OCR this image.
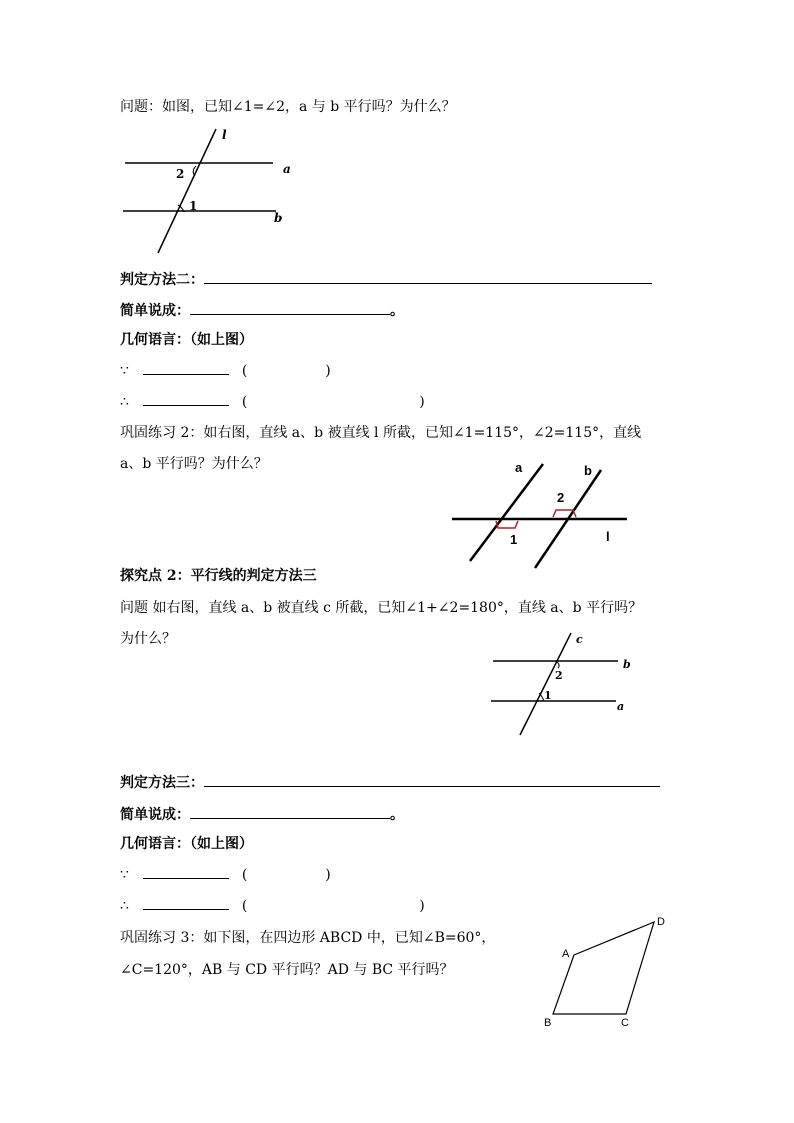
问题：如图，已知∠1=∠2，a 与 b 平行吗？为什么？
l
a
b
2
1
判定方法二：
简单说成：	。
几何语言：（如上图）
∵	(	)
∴	(	)
巩固练习 2：如右图，直线 a、b 被直线 l 所截，已知∠1=115°，∠2=115°，直线
a、b 平行吗？为什么？	a	b
l
2
1
探究点 2：平行线的判定方法三
问题 如右图，直线 a、b 被直线 c 所截，已知∠1+∠2=180°，直线 a、b 平行吗？
为什么？	c
b
a
2
1
判定方法三：
简单说成：	。
几何语言：（如上图）
∵	(	)
∴	(	)
巩固练习 3：如下图，在四边形 ABCD 中，已知∠B=60°，
∠C=120°，AB 与 CD 平行吗？AD 与 BC 平行吗？
A
D
B	C
